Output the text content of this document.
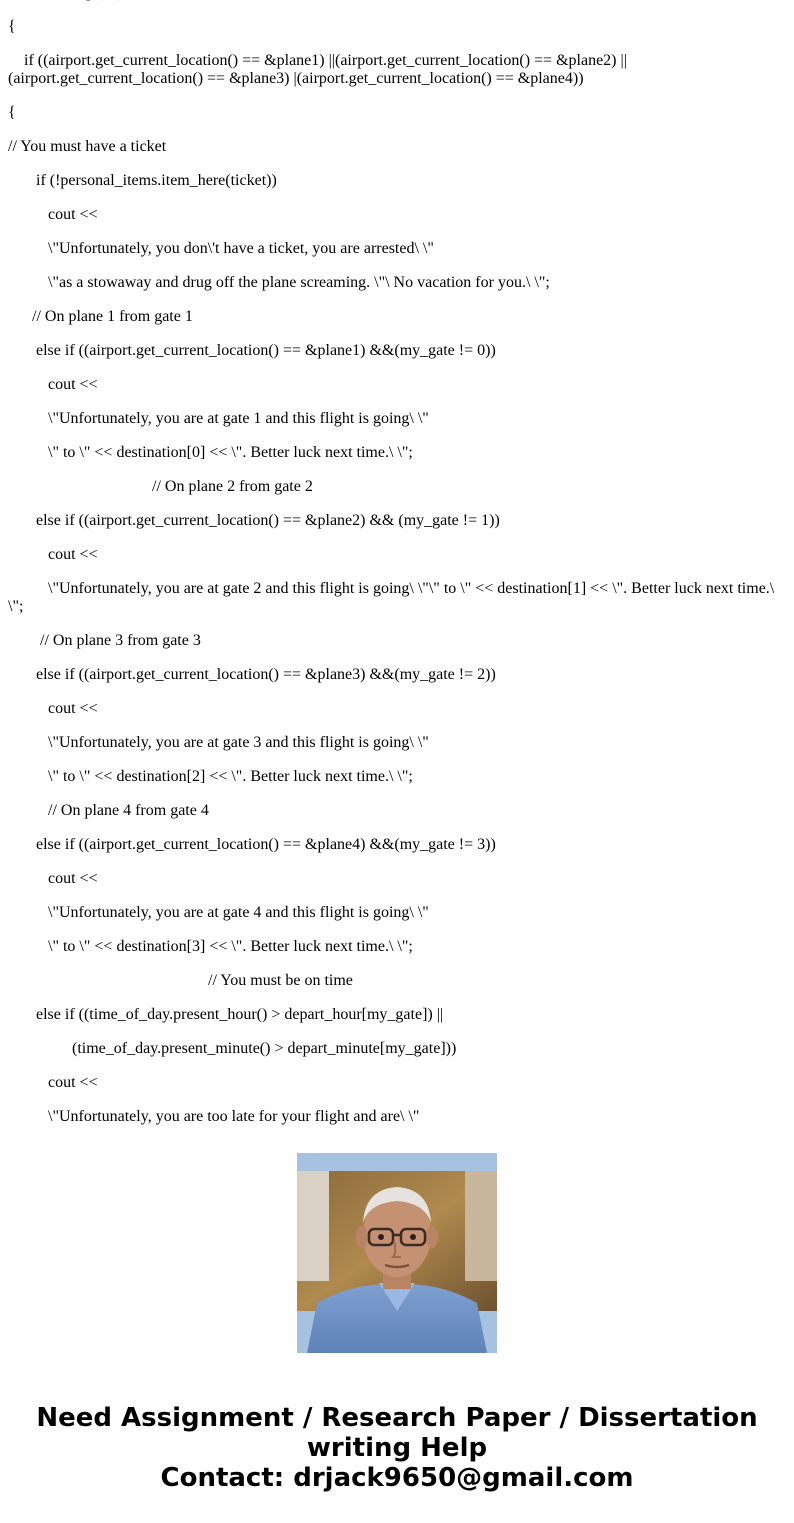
{
if ((airport.get_current_location() == &plane1) ||(airport.get_current_location() == &plane2) || (airport.get_current_location() == &plane3) |(airport.get_current_location() == &plane4))
{
// You must have a ticket
if (!personal_items.item_here(ticket))
cout <<
\"Unfortunately, you don\'t have a ticket, you are arrested\ \"
\"as a stowaway and drug off the plane screaming. \"\ No vacation for you.\ \";
// On plane 1 from gate 1
else if ((airport.get_current_location() == &plane1) &&(my_gate != 0))
cout <<
\"Unfortunately, you are at gate 1 and this flight is going\ \"
\" to \" << destination[0] << \". Better luck next time.\ \";
// On plane 2 from gate 2
else if ((airport.get_current_location() == &plane2) && (my_gate != 1))
cout <<
\"Unfortunately, you are at gate 2 and this flight is going\ \"\" to \" << destination[1] << \". Better luck next time.\ \";
// On plane 3 from gate 3
else if ((airport.get_current_location() == &plane3) &&(my_gate != 2))
cout <<
\"Unfortunately, you are at gate 3 and this flight is going\ \"
\" to \" << destination[2] << \". Better luck next time.\ \";
// On plane 4 from gate 4
else if ((airport.get_current_location() == &plane4) &&(my_gate != 3))
cout <<
\"Unfortunately, you are at gate 4 and this flight is going\ \"
\" to \" << destination[3] << \". Better luck next time.\ \";
// You must be on time
else if ((time_of_day.present_hour() > depart_hour[my_gate]) ||
(time_of_day.present_minute() > depart_minute[my_gate]))
cout <<
\"Unfortunately, you are too late for your flight and are\ \"
Need Assignment / Research Paper / Dissertation
writing Help
Contact: drjack9650@gmail.com
